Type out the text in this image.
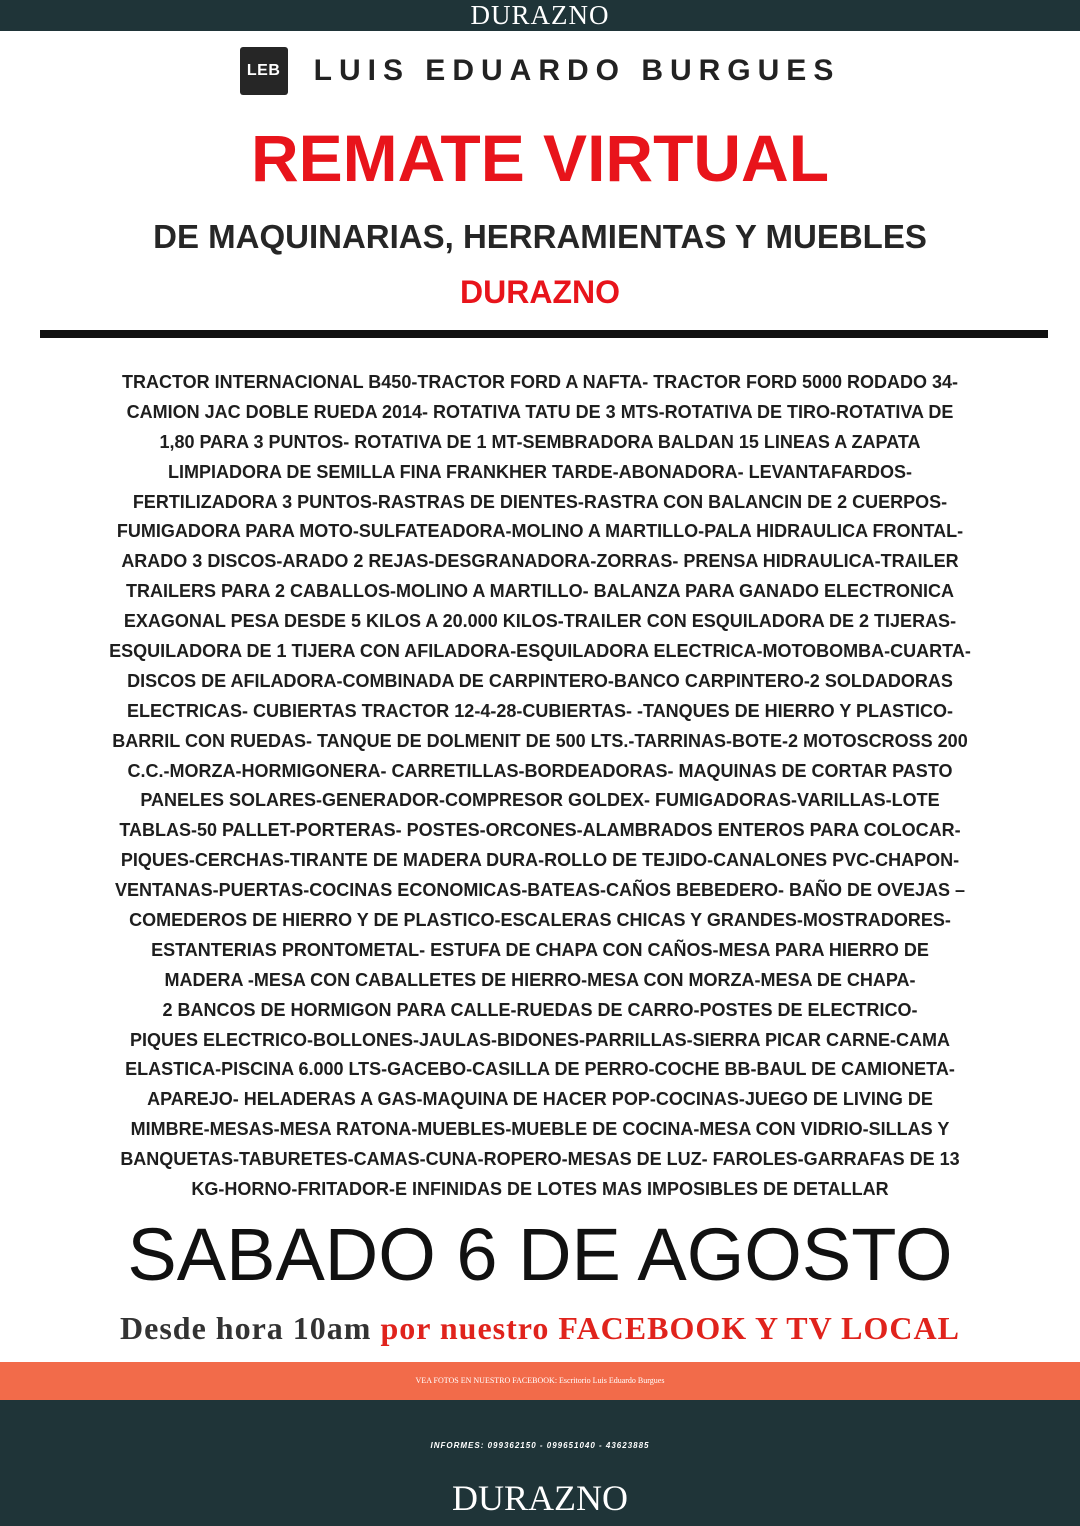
DURAZNO
LEB LUIS EDUARDO BURGUES
REMATE VIRTUAL
DE MAQUINARIAS, HERRAMIENTAS Y MUEBLES
DURAZNO
TRACTOR INTERNACIONAL B450-TRACTOR FORD A NAFTA- TRACTOR FORD 5000 RODADO 34-
CAMION JAC DOBLE RUEDA 2014- ROTATIVA TATU DE 3 MTS-ROTATIVA DE TIRO-ROTATIVA DE
1,80 PARA 3 PUNTOS- ROTATIVA DE 1 MT-SEMBRADORA BALDAN 15 LINEAS A ZAPATA
LIMPIADORA DE SEMILLA FINA FRANKHER TARDE-ABONADORA- LEVANTAFARDOS-
FERTILIZADORA 3 PUNTOS-RASTRAS DE DIENTES-RASTRA CON BALANCIN DE 2 CUERPOS-
FUMIGADORA PARA MOTO-SULFATEADORA-MOLINO A MARTILLO-PALA HIDRAULICA FRONTAL-
ARADO 3 DISCOS-ARADO 2 REJAS-DESGRANADORA-ZORRAS- PRENSA HIDRAULICA-TRAILER
TRAILERS PARA 2 CABALLOS-MOLINO A MARTILLO- BALANZA PARA GANADO ELECTRONICA
EXAGONAL PESA DESDE 5 KILOS A 20.000 KILOS-TRAILER CON ESQUILADORA DE 2 TIJERAS-
ESQUILADORA DE 1 TIJERA CON AFILADORA-ESQUILADORA ELECTRICA-MOTOBOMBA-CUARTA-
DISCOS DE AFILADORA-COMBINADA DE CARPINTERO-BANCO CARPINTERO-2 SOLDADORAS
ELECTRICAS- CUBIERTAS TRACTOR 12-4-28-CUBIERTAS- -TANQUES DE HIERRO Y PLASTICO-
BARRIL CON RUEDAS- TANQUE DE DOLMENIT DE 500 LTS.-TARRINAS-BOTE-2 MOTOSCROSS 200
C.C.-MORZA-HORMIGONERA- CARRETILLAS-BORDEADORAS- MAQUINAS DE CORTAR PASTO
PANELES SOLARES-GENERADOR-COMPRESOR GOLDEX- FUMIGADORAS-VARILLAS-LOTE
TABLAS-50 PALLET-PORTERAS- POSTES-ORCONES-ALAMBRADOS ENTEROS PARA COLOCAR-
PIQUES-CERCHAS-TIRANTE DE MADERA DURA-ROLLO DE TEJIDO-CANALONES PVC-CHAPON-
VENTANAS-PUERTAS-COCINAS ECONOMICAS-BATEAS-CAÑOS BEBEDERO- BAÑO DE OVEJAS –
COMEDEROS DE HIERRO Y DE PLASTICO-ESCALERAS CHICAS Y GRANDES-MOSTRADORES-
ESTANTERIAS PRONTOMETAL- ESTUFA DE CHAPA CON CAÑOS-MESA PARA HIERRO DE
MADERA -MESA CON CABALLETES DE HIERRO-MESA CON MORZA-MESA DE CHAPA-
2 BANCOS DE HORMIGON PARA CALLE-RUEDAS DE CARRO-POSTES DE ELECTRICO-
PIQUES ELECTRICO-BOLLONES-JAULAS-BIDONES-PARRILLAS-SIERRA PICAR CARNE-CAMA
ELASTICA-PISCINA 6.000 LTS-GACEBO-CASILLA DE PERRO-COCHE BB-BAUL DE CAMIONETA-
APAREJO- HELADERAS A GAS-MAQUINA DE HACER POP-COCINAS-JUEGO DE LIVING DE
MIMBRE-MESAS-MESA RATONA-MUEBLES-MUEBLE DE COCINA-MESA CON VIDRIO-SILLAS Y
BANQUETAS-TABURETES-CAMAS-CUNA-ROPERO-MESAS DE LUZ- FAROLES-GARRAFAS DE 13
KG-HORNO-FRITADOR-E INFINIDAS DE LOTES MAS IMPOSIBLES DE DETALLAR
SABADO 6 DE AGOSTO
Desde hora 10am por nuestro FACEBOOK Y TV LOCAL
VEA FOTOS EN NUESTRO FACEBOOK: Escritorio Luis Eduardo Burgues
INFORMES: 099362150 - 099651040 - 43623885
DURAZNO
